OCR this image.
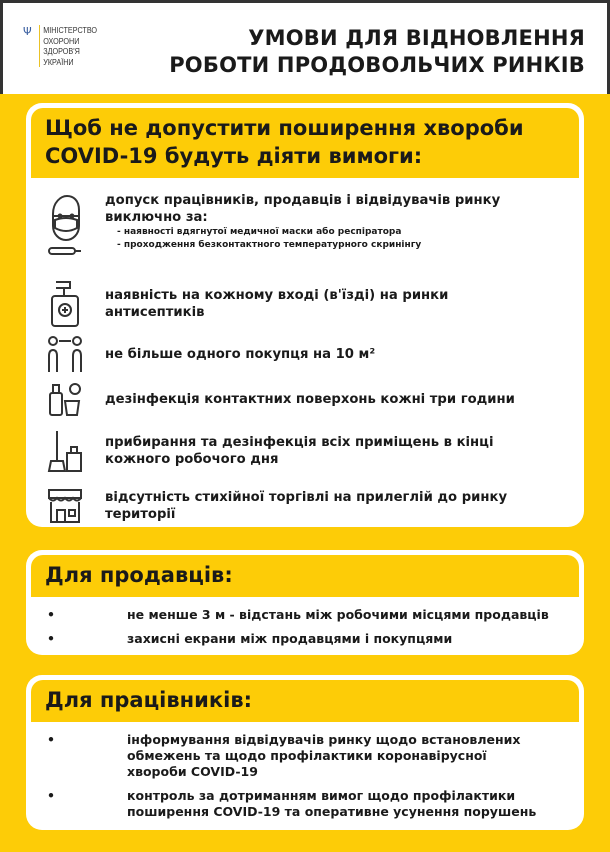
Ψ	МІНІСТЕРСТВО
ОХОРОНИ
ЗДОРОВ'Я
УКРАЇНИ
УМОВИ ДЛЯ ВІДНОВЛЕННЯ
РОБОТИ ПРОДОВОЛЬЧИХ РИНКІВ
Щоб не допустити поширення хвороби
COVID-19 будуть діяти вимоги:
допуск працівників, продавців і відвідувачів ринку виключно за:
- наявності вдягнутої медичної маски або респіратора
- проходження безконтактного температурного скринінгу
наявність на кожному вході (в'їзді) на ринки антисептиків
не більше одного покупця на 10 м²
дезінфекція контактних поверхонь кожні три години
прибирання та дезінфекція всіх приміщень в кінці кожного робочого дня
відсутність стихійної торгівлі на прилеглій до ринку території
Для продавців:
•	не менше 3 м - відстань між робочими місцями продавців
•	захисні екрани між продавцями і покупцями
Для працівників:
•	інформування відвідувачів ринку щодо встановлених обмежень та щодо профілактики коронавірусної хвороби COVID-19
•	контроль за дотриманням вимог щодо профілактики поширення COVID-19 та оперативне усунення порушень
